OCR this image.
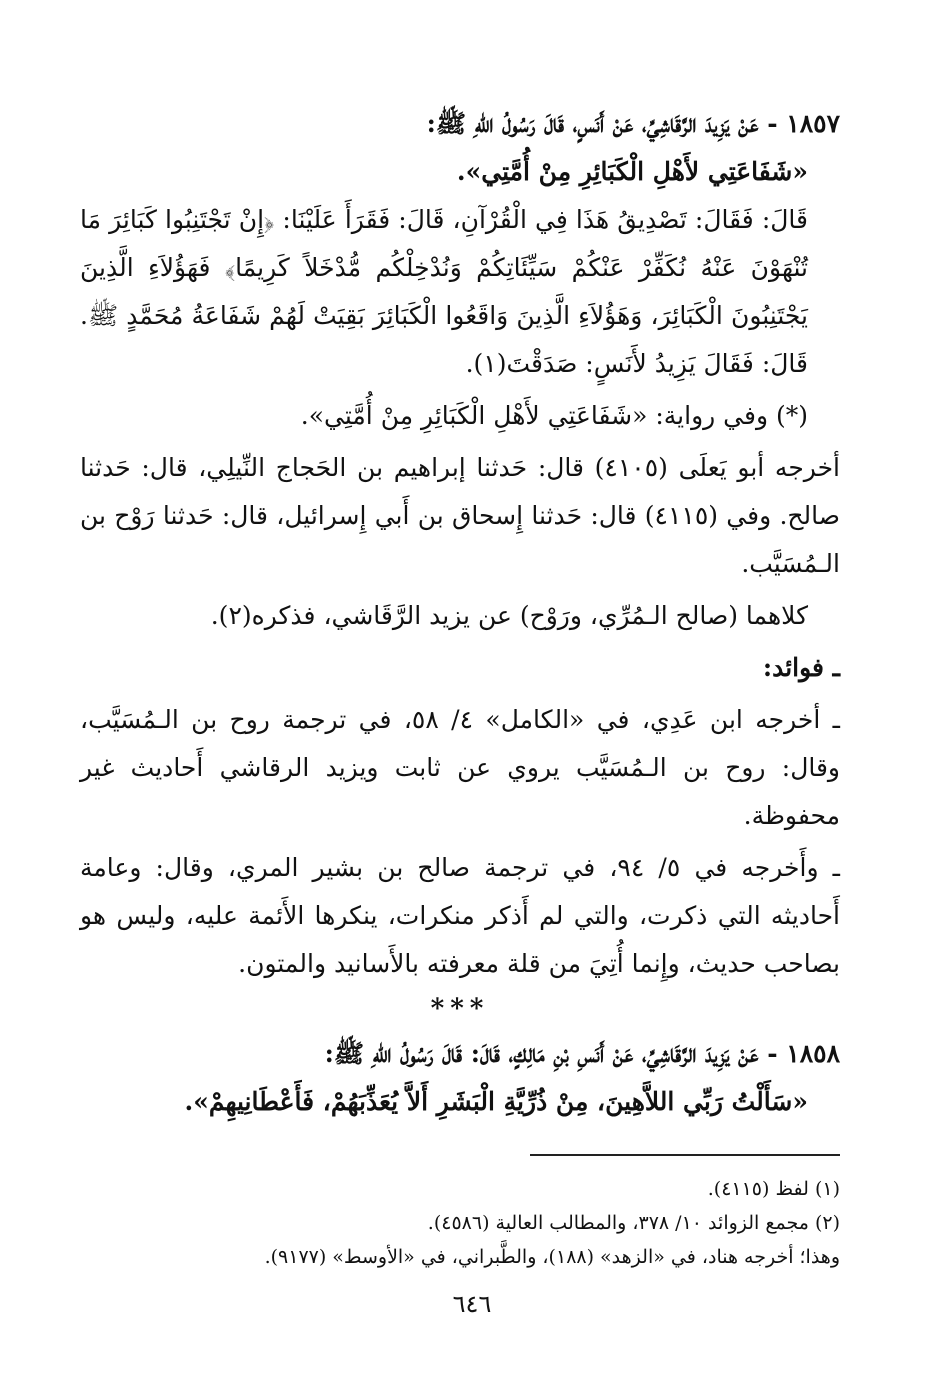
١٨٥٧ - عَنْ يَزِيدَ الرَّقَاشِيِّ، عَنْ أَنَسٍ، قَالَ رَسُولُ اللهِ ﷺ:

«شَفَاعَتِي لأَهْلِ الْكَبَائِرِ مِنْ أُمَّتِي».

قَالَ: فَقَالَ: تَصْدِيقُ هَذَا فِي الْقُرْآنِ، قَالَ: فَقَرَأَ عَلَيْنَا: ﴿إِنْ تَجْتَنِبُوا كَبَائِرَ مَا تُنْهَوْنَ عَنْهُ نُكَفِّرْ عَنْكُمْ سَيِّئَاتِكُمْ وَنُدْخِلْكُم مُّدْخَلاً كَرِيمًا﴾ فَهَؤُلاَءِ الَّذِينَ يَجْتَنِبُونَ الْكَبَائِرَ، وَهَؤُلاَءِ الَّذِينَ وَاقَعُوا الْكَبَائِرَ بَقِيَتْ لَهُمْ شَفَاعَةُ مُحَمَّدٍ ﷺ. قَالَ: فَقَالَ يَزِيدُ لأَنَسٍ: صَدَقْتَ(١).

(*) وفي رواية: «شَفَاعَتِي لأَهْلِ الْكَبَائِرِ مِنْ أُمَّتِي».

أخرجه أبو يَعلَى (٤١٠٥) قال: حَدثنا إبراهيم بن الحَجاج النِّيلِي، قال: حَدثنا صالح. وفي (٤١١٥) قال: حَدثنا إِسحاق بن أَبي إِسرائيل، قال: حَدثنا رَوْح بن الـمُسَيَّب.

كلاهما (صالح الـمُرِّي، ورَوْح) عن يزيد الرَّقَاشي، فذكره(٢).

ـ فوائد:

ـ أخرجه ابن عَدِي، في «الكامل» ٤/ ٥٨، في ترجمة روح بن الـمُسَيَّب، وقال: روح بن الـمُسَيَّب يروي عن ثابت ويزيد الرقاشي أَحاديث غير محفوظة.

ـ وأَخرجه في ٥/ ٩٤، في ترجمة صالح بن بشير المري، وقال: وعامة أَحاديثه التي ذكرت، والتي لم أَذكر منكرات، ينكرها الأَئمة عليه، وليس هو بصاحب حديث، وإِنما أُتِيَ من قلة معرفته بالأَسانيد والمتون.

***

١٨٥٨ - عَنْ يَزِيدَ الرَّقَاشِيِّ، عَنْ أَنَسِ بْنِ مَالِكٍ، قَالَ: قَالَ رَسُولُ اللهِ ﷺ:

«سَأَلْتُ رَبِّي اللاَّهِينَ، مِنْ ذُرِّيَّةِ الْبَشَرِ أَلاَّ يُعَذِّبَهُمْ، فَأَعْطَانِيهِمْ».

(١) لفظ (٤١١٥).

(٢) مجمع الزوائد ١٠/ ٣٧٨، والمطالب العالية (٤٥٨٦).

وهذا؛ أخرجه هناد، في «الزهد» (١٨٨)، والطَّبراني، في «الأوسط» (٩١٧٧).

٦٤٦
